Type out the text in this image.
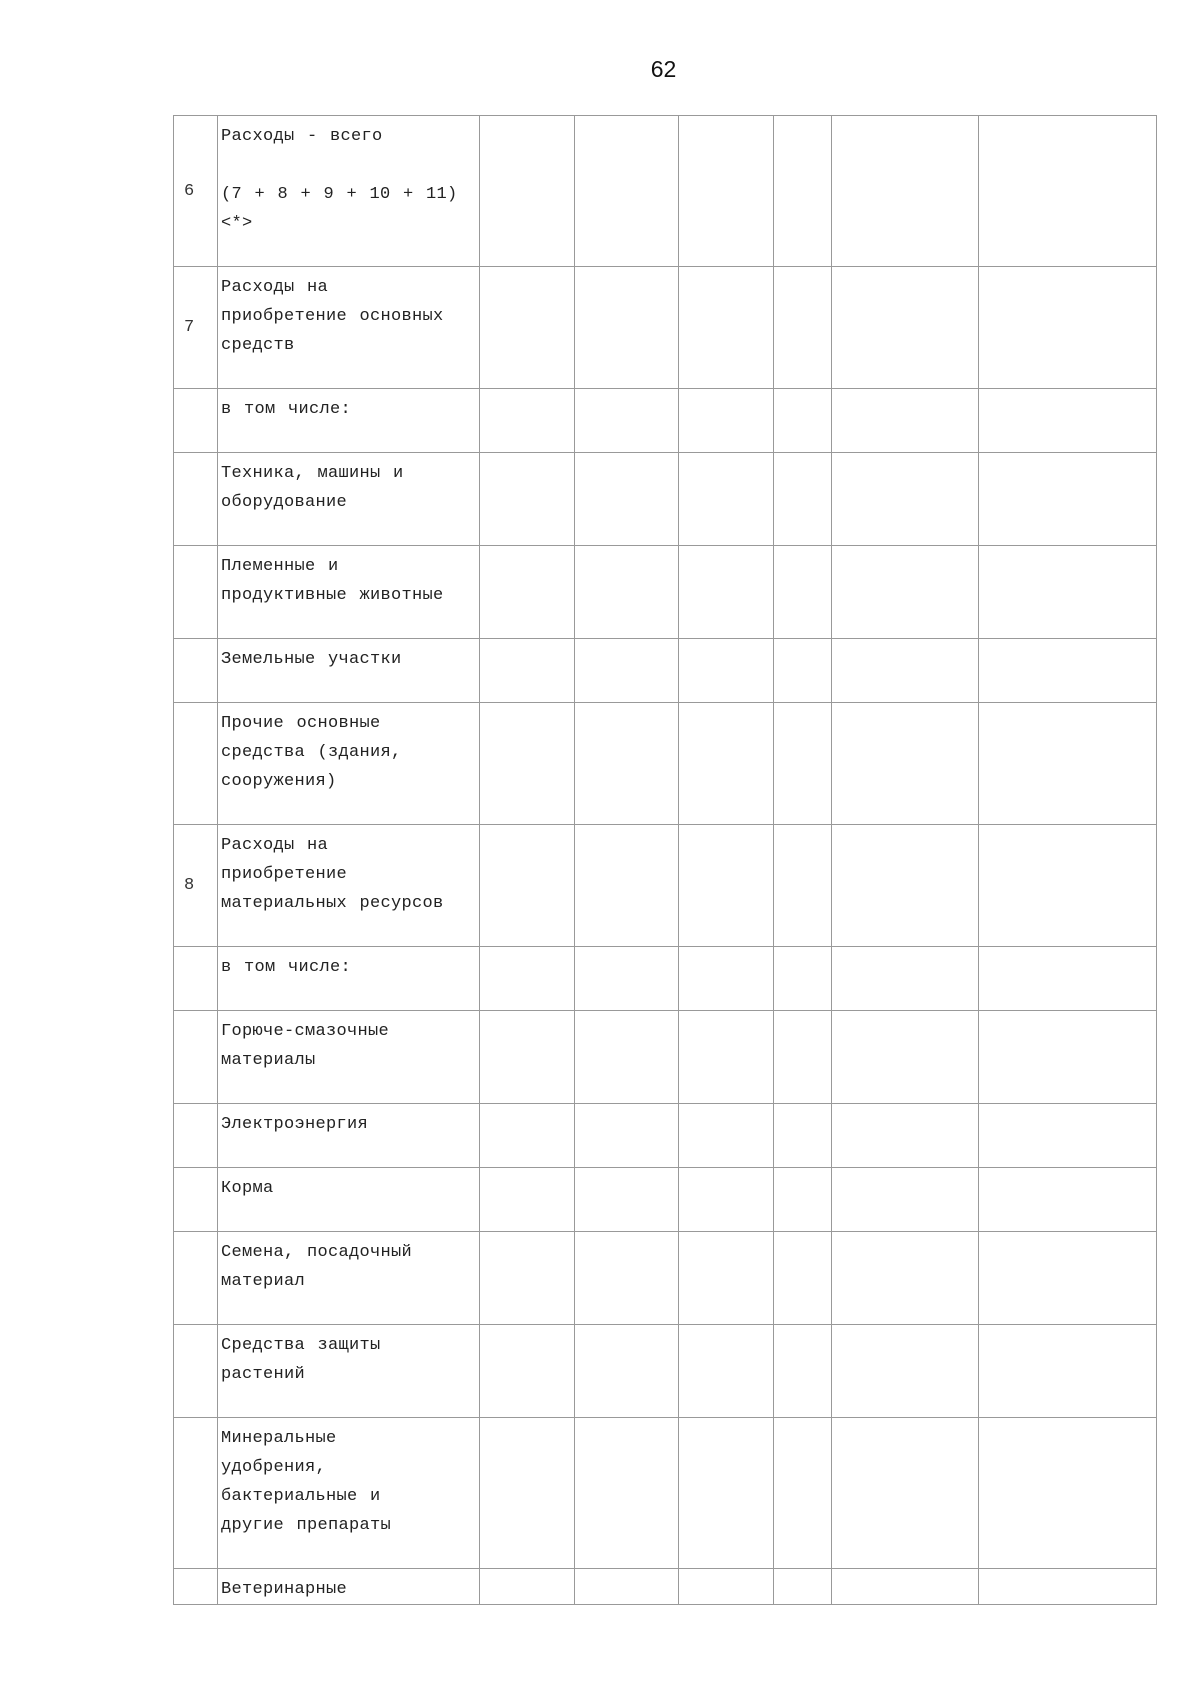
62
6	Расходы - всего

(7 + 8 + 9 + 10 + 11)
<*>						
7	Расходы на
приобретение основных
средств						
	в том числе:						
	Техника, машины и
оборудование						
	Племенные и
продуктивные животные						
	Земельные участки						
	Прочие основные
средства (здания,
сооружения)						
8	Расходы на
приобретение
материальных ресурсов						
	в том числе:						
	Горюче-смазочные
материалы						
	Электроэнергия						
	Корма						
	Семена, посадочный
материал						
	Средства защиты
растений						
	Минеральные
удобрения,
бактериальные и
другие препараты						
	Ветеринарные						
